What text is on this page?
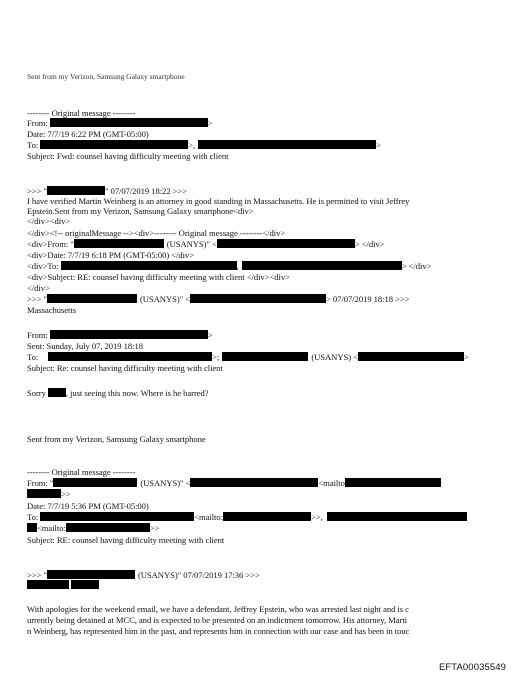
Sent from my Verizon, Samsung Galaxy smartphone
-------- Original message --------
From:	>
Date: 7/7/19 6:22 PM (GMT-05:00)
To:	>,	>
Subject: Fwd: counsel having difficulty meeting with client
>>> "	" 07/07/2019 18:22 >>>
I have verified Martin Weinberg is an attorney in good standing in Massachusetts. He is permitted to visit Jeffrey
Epstein.Sent from my Verizon, Samsung Galaxy smartphone<div>
</div><div>
</div><!-- originalMessage --><div>-------- Original message --------</div>
<div>From: "	(USANYS)" <	> </div>
<div>Date: 7/7/19 6:18 PM (GMT-05:00) </div>
<div>To:	,	> </div>
<div>Subject: RE: counsel having difficulty meeting with client </div><div>
</div>
>>> "	(USANYS)" <	> 07/07/2019 18:18 >>>
Massachusetts
From:	>
Sent: Sunday, July 07, 2019 18:18
To:	>;	(USANYS) <	>
Subject: Re: counsel having difficulty meeting with client
Sorry , just seeing this now. Where is he barred?
Sent from my Verizon, Samsung Galaxy smartphone
-------- Original message --------
From: "	(USANYS)" <	<mailto
>>
Date: 7/7/19 5:36 PM (GMT-05:00)
To:	<mailto:	>>,
<mailto:	>>
Subject: RE: counsel having difficulty meeting with client
>>> "	(USANYS)" 07/07/2019 17:36 >>>
With apologies for the weekend email, we have a defendant, Jeffrey Epstein, who was arrested last night and is c
urrently being detained at MCC, and is expected to be presented on an indictment tomorrow. His attorney, Marti
n Weinberg, has represented him in the past, and represents him in connection with our case and has been in touc
EFTA00035549
